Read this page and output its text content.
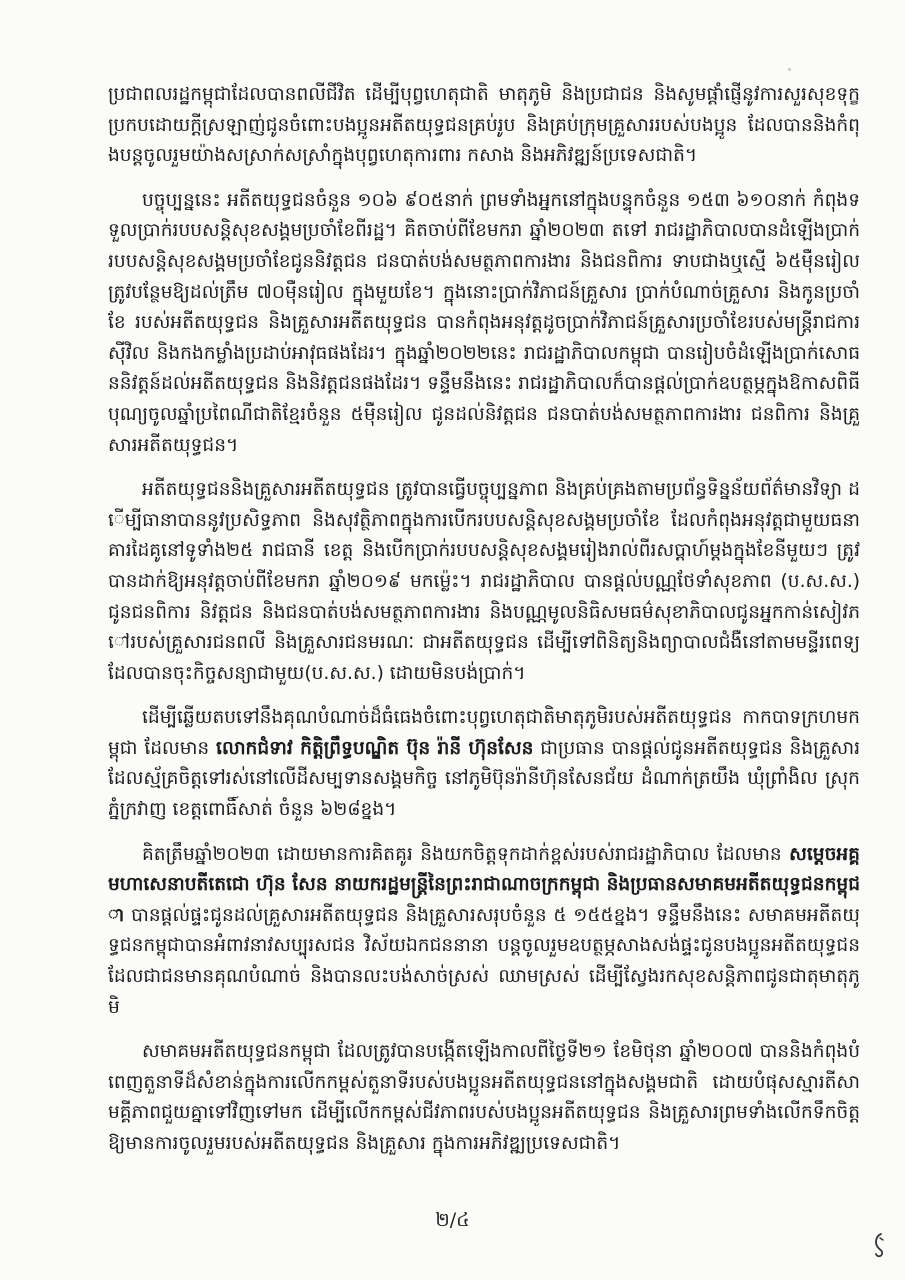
ប្រជាពលរដ្ឋកម្ពុជាដែលបានពលីជីវិត ដើម្បីបុព្វហេតុជាតិ មាតុភូមិ និងប្រជាជន និងសូមផ្តាំផ្ញើនូវការសួរសុខទុក្ខ ប្រកបដោយក្តីស្រឡាញ់ជូនចំពោះបងប្អូនអតីតយុទ្ធជនគ្រប់រូប និងគ្រប់ក្រុមគ្រួសាររបស់បងប្អូន ដែលបាននិងកំពុងបន្តចូលរួមយ៉ាងសស្រាក់សស្រាំក្នុងបុព្វហេតុការពារ កសាង និងអភិវឌ្ឍន៍ប្រទេសជាតិ។

បច្ចុប្បន្ននេះ អតីតយុទ្ធជនចំនួន ១០៦ ៩០៥នាក់ ព្រមទាំងអ្នកនៅក្នុងបន្ទុកចំនួន ១៥៣ ៦១០នាក់ កំពុងទទួលប្រាក់របបសន្តិសុខសង្គមប្រចាំខែពីរដ្ឋ។ គិតចាប់ពីខែមករា ឆ្នាំ២០២៣ តទៅ រាជរដ្ឋាភិបាលបានដំឡើងប្រាក់របបសន្តិសុខសង្គមប្រចាំខែជូននិវត្តជន ជនបាត់បង់សមត្ថភាពការងារ និងជនពិការ ទាបជាងឬស្មើ ៦៥ម៉ឺនរៀល ត្រូវបន្ថែមឱ្យដល់ត្រឹម ៧០ម៉ឺនរៀល ក្នុងមួយខែ។ ក្នុងនោះប្រាក់វិភាជន៍គ្រួសារ ប្រាក់បំណាច់គ្រួសារ និងកូនប្រចាំខែ របស់អតីតយុទ្ធជន និងគ្រួសារអតីតយុទ្ធជន បានកំពុងអនុវត្តដូចប្រាក់វិភាជន៍គ្រួសារប្រចាំខែរបស់មន្ត្រីរាជការស៊ីវិល និងកងកម្លាំងប្រដាប់អាវុធផងដែរ។ ក្នុងឆ្នាំ២០២២នេះ រាជរដ្ឋាភិបាលកម្ពុជា បានរៀបចំដំឡើងប្រាក់សោធននិវត្តន៍ដល់អតីតយុទ្ធជន និងនិវត្តជនផងដែរ។ ទន្ទឹមនឹងនេះ រាជរដ្ឋាភិបាលក៏បានផ្តល់ប្រាក់ឧបត្ថម្ភក្នុងឱកាសពិធីបុណ្យចូលឆ្នាំប្រពៃណីជាតិខ្មែរចំនួន ៥ម៉ឺនរៀល ជូនដល់និវត្តជន ជនបាត់បង់សមត្ថភាពការងារ ជនពិការ និងគ្រួសារអតីតយុទ្ធជន។

អតីតយុទ្ធជននិងគ្រួសារអតីតយុទ្ធជន ត្រូវបានធ្វើបច្ចុប្បន្នភាព និងគ្រប់គ្រងតាមប្រព័ន្ធទិន្នន័យព័ត៌មានវិទ្យា ដើម្បីធានាបាននូវប្រសិទ្ធភាព និងសុវត្ថិភាពក្នុងការបើករបបសន្តិសុខសង្គមប្រចាំខែ ដែលកំពុងអនុវត្តជាមួយធនាគារដៃគូនៅទូទាំង២៥ រាជធានី ខេត្ត និងបើកប្រាក់របបសន្តិសុខសង្គមរៀងរាល់ពីរសប្តាហ៍ម្តងក្នុងខែនីមួយៗ ត្រូវបានដាក់ឱ្យអនុវត្តចាប់ពីខែមករា ឆ្នាំ២០១៩ មកម្ល៉េះ។ រាជរដ្ឋាភិបាល បានផ្តល់បណ្ណថែទាំសុខភាព (ប.ស.ស.) ជូនជនពិការ និវត្តជន និងជនបាត់បង់សមត្ថភាពការងារ និងបណ្ណមូលនិធិសមធម៌សុខាភិបាលជូនអ្នកកាន់សៀវភៅរបស់គ្រួសារជនពលី និងគ្រួសារជនមរណៈ ជាអតីតយុទ្ធជន ដើម្បីទៅពិនិត្យនិងព្យាបាលជំងឺនៅតាមមន្ទីរពេទ្យ ដែលបានចុះកិច្ចសន្យាជាមួយ(ប.ស.ស.) ដោយមិនបង់ប្រាក់។

ដើម្បីឆ្លើយតបទៅនឹងគុណបំណាច់ដ៏ធំធេងចំពោះបុព្វហេតុជាតិមាតុភូមិរបស់អតីតយុទ្ធជន កាកបាទក្រហមកម្ពុជា ដែលមាន លោកជំទាវ កិត្តិព្រឹទ្ធបណ្ឌិត ប៊ុន រ៉ានី ហ៊ុនសែន ជាប្រធាន បានផ្តល់ជូនអតីតយុទ្ធជន និងគ្រួសារ ដែលស្ម័គ្រចិត្តទៅរស់នៅលើដីសម្បទានសង្គមកិច្ច នៅភូមិប៊ុនរ៉ានីហ៊ុនសែនជ័យ ដំណាក់ត្រយឹង ឃុំព្រាំងិល ស្រុកភ្នំក្រវាញ ខេត្តពោធិ៍សាត់ ចំនួន ៦២៨ខ្នង។

គិតត្រឹមឆ្នាំ២០២៣ ដោយមានការគិតគូរ និងយកចិត្តទុកដាក់ខ្ពស់របស់រាជរដ្ឋាភិបាល ដែលមាន សម្តេចអគ្គមហាសេនាបតីតេជោ ហ៊ុន សែន នាយករដ្ឋមន្ត្រីនៃព្រះរាជាណាចក្រកម្ពុជា និងប្រធានសមាគមអតីតយុទ្ធជនកម្ពុជា បានផ្តល់ផ្ទះជូនដល់គ្រួសារអតីតយុទ្ធជន និងគ្រួសារសរុបចំនួន ៥ ១៥៥ខ្នង។ ទន្ទឹមនឹងនេះ សមាគមអតីតយុទ្ធជនកម្ពុជាបានអំពាវនាវសប្បុរសជន វិស័យឯកជននានា បន្តចូលរួមឧបត្ថម្ភសាងសង់ផ្ទះជូនបងប្អូនអតីតយុទ្ធជនដែលជាជនមានគុណបំណាច់ និងបានលះបង់សាច់ស្រស់ ឈាមស្រស់ ដើម្បីស្វែងរកសុខសន្តិភាពជូនជាតុមាតុភូមិ

សមាគមអតីតយុទ្ធជនកម្ពុជា ដែលត្រូវបានបង្កើតឡើងកាលពីថ្ងៃទី២១ ខែមិថុនា ឆ្នាំ២០០៧ បាននិងកំពុងបំពេញតួនាទីដ៏សំខាន់ក្នុងការលើកកម្ពស់តួនាទីរបស់បងប្អូនអតីតយុទ្ធជននៅក្នុងសង្គមជាតិ ដោយបំផុសស្មារតីសាមគ្គីភាពជួយគ្នាទៅវិញទៅមក ដើម្បីលើកកម្ពស់ជីវភាពរបស់បងប្អូនអតីតយុទ្ធជន និងគ្រួសារព្រមទាំងលើកទឹកចិត្តឱ្យមានការចូលរួមរបស់អតីតយុទ្ធជន និងគ្រួសារ ក្នុងការអភិវឌ្ឍប្រទេសជាតិ។

២/៤
